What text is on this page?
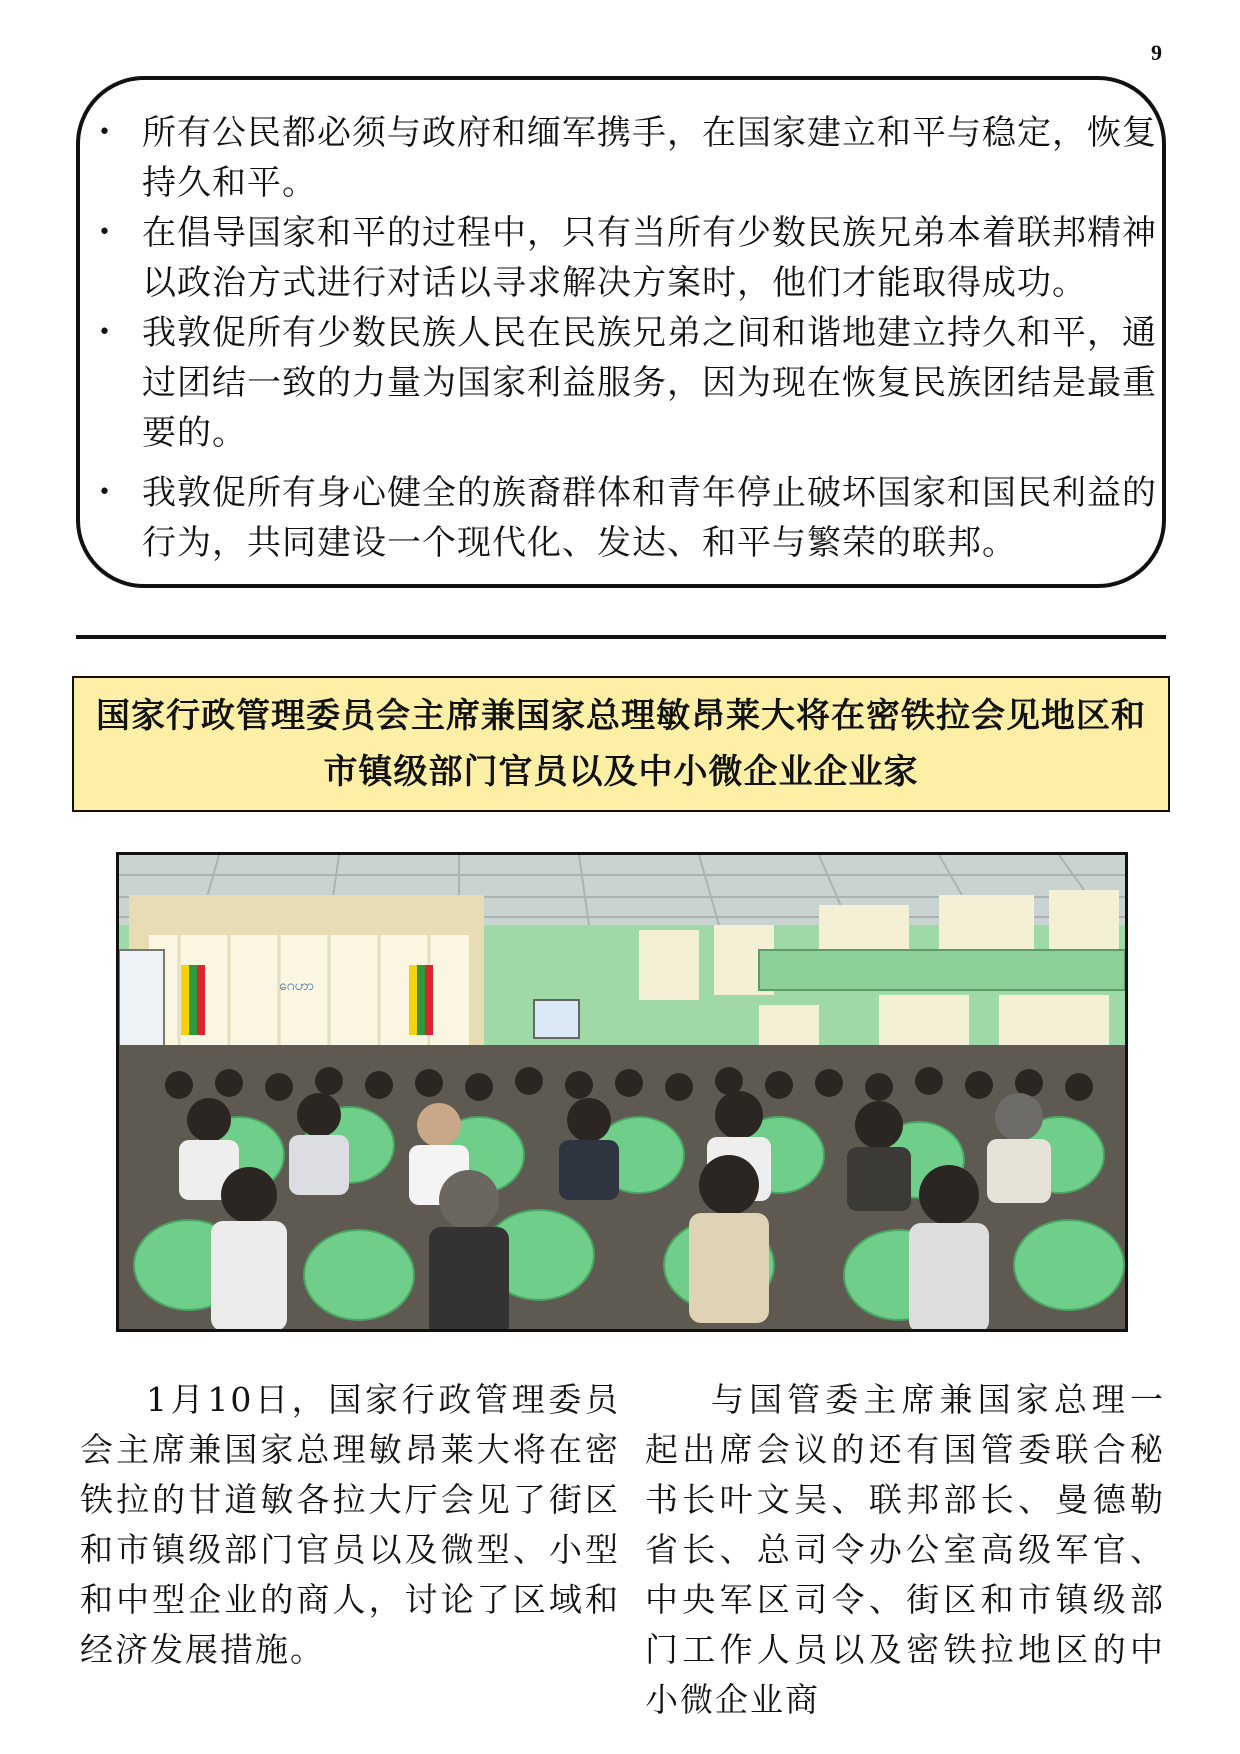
9
• 所有公民都必须与政府和缅军携手，在国家建立和平与稳定，恢复持久和平。
• 在倡导国家和平的过程中，只有当所有少数民族兄弟本着联邦精神以政治方式进行对话以寻求解决方案时，他们才能取得成功。
• 我敦促所有少数民族人民在民族兄弟之间和谐地建立持久和平，通过团结一致的力量为国家利益服务，因为现在恢复民族团结是最重要的。
• 我敦促所有身心健全的族裔群体和青年停止破坏国家和国民利益的行为，共同建设一个现代化、发达、和平与繁荣的联邦。
国家行政管理委员会主席兼国家总理敏昂莱大将在密铁拉会见地区和市镇级部门官员以及中小微企业企业家
ဂေဟာ

1月10日，国家行政管理委员会主席兼国家总理敏昂莱大将在密铁拉的甘道敏各拉大厅会见了街区和市镇级部门官员以及微型、小型和中型企业的商人，讨论了区域和经济发展措施。

与国管委主席兼国家总理一起出席会议的还有国管委联合秘书长叶文吴、联邦部长、曼德勒省长、总司令办公室高级军官、中央军区司令、街区和市镇级部门工作人员以及密铁拉地区的中小微企业商
